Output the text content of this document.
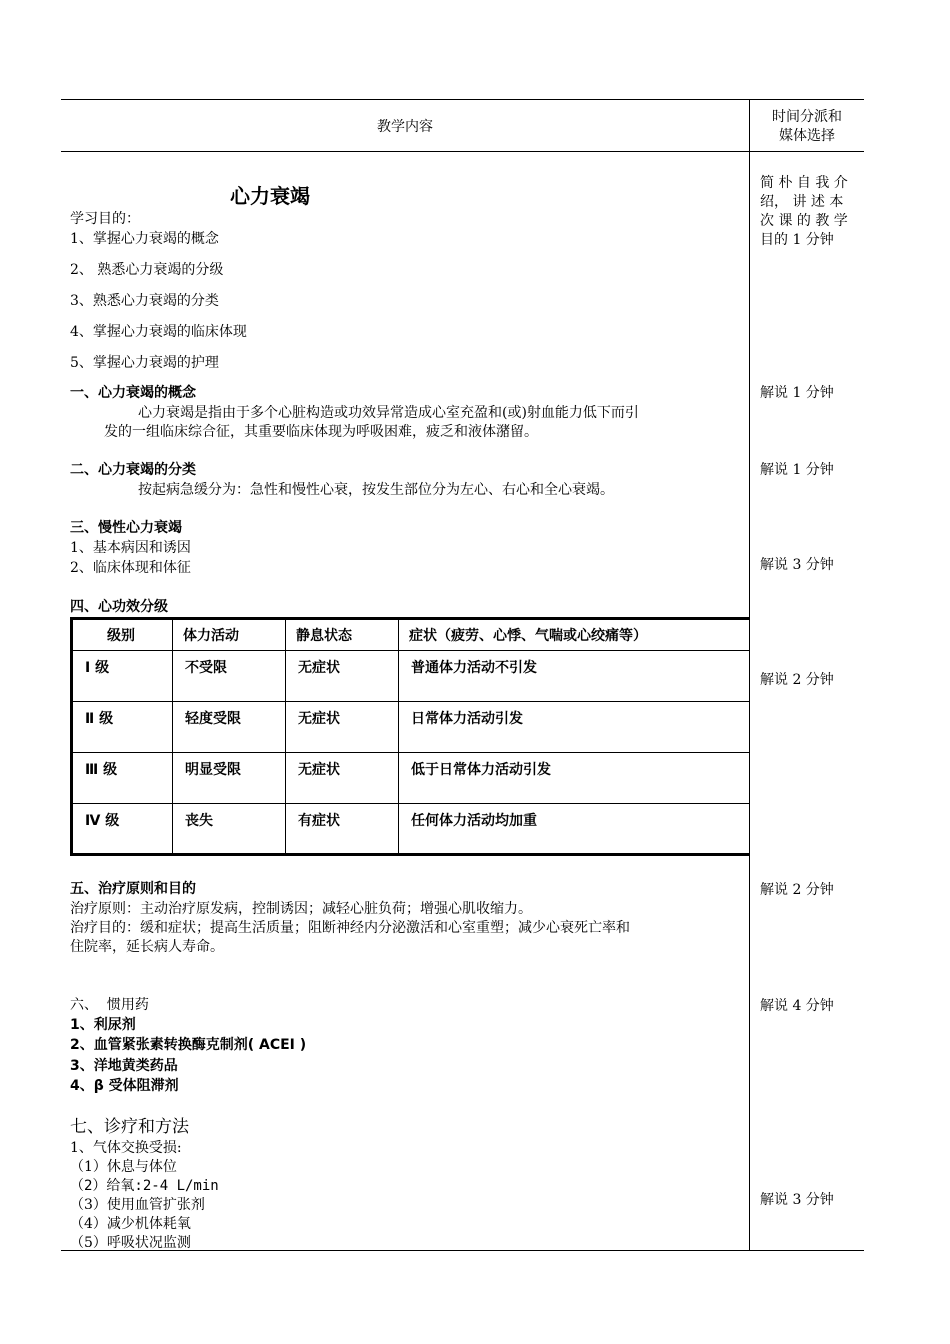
教学内容
时间分派和
媒体选择
心力衰竭
学习目的：
1、掌握心力衰竭的概念
2、 熟悉心力衰竭的分级
3、熟悉心力衰竭的分类
4、掌握心力衰竭的临床体现
5、掌握心力衰竭的护理
简 朴 自 我 介
绍， 讲 述 本
次 课 的 教 学
目的 1 分钟
一、心力衰竭的概念
心力衰竭是指由于多个心脏构造或功效异常造成心室充盈和(或)射血能力低下而引
发的一组临床综合征，其重要临床体现为呼吸困难，疲乏和液体潴留。
解说 1 分钟
二、心力衰竭的分类
按起病急缓分为：急性和慢性心衰，按发生部位分为左心、右心和全心衰竭。
解说 1 分钟
三、慢性心力衰竭
1、基本病因和诱因
2、临床体现和体征	解说 3 分钟
四、心功效分级
解说 2 分钟
级别	体力活动	静息状态	症状（疲劳、心悸、气喘或心绞痛等）
Ⅰ 级	不受限	无症状	普通体力活动不引发
Ⅱ 级	轻度受限	无症状	日常体力活动引发
Ⅲ 级	明显受限	无症状	低于日常体力活动引发
Ⅳ 级	丧失	有症状	任何体力活动均加重
五、治疗原则和目的
治疗原则：主动治疗原发病，控制诱因；减轻心脏负荷；增强心肌收缩力。
治疗目的：缓和症状；提高生活质量；阻断神经内分泌激活和心室重塑；减少心衰死亡率和
住院率，延长病人寿命。
解说 2 分钟
六、  惯用药
1、利尿剂
2、血管紧张素转换酶克制剂( ACEI )
3、洋地黄类药品
4、β 受体阻滞剂
解说 4 分钟
七、诊疗和方法
1、气体交换受损:
（1）休息与体位
（2）给氧:2-4 L/min
（3）使用血管扩张剂
（4）减少机体耗氧
（5）呼吸状况监测
解说 3 分钟
